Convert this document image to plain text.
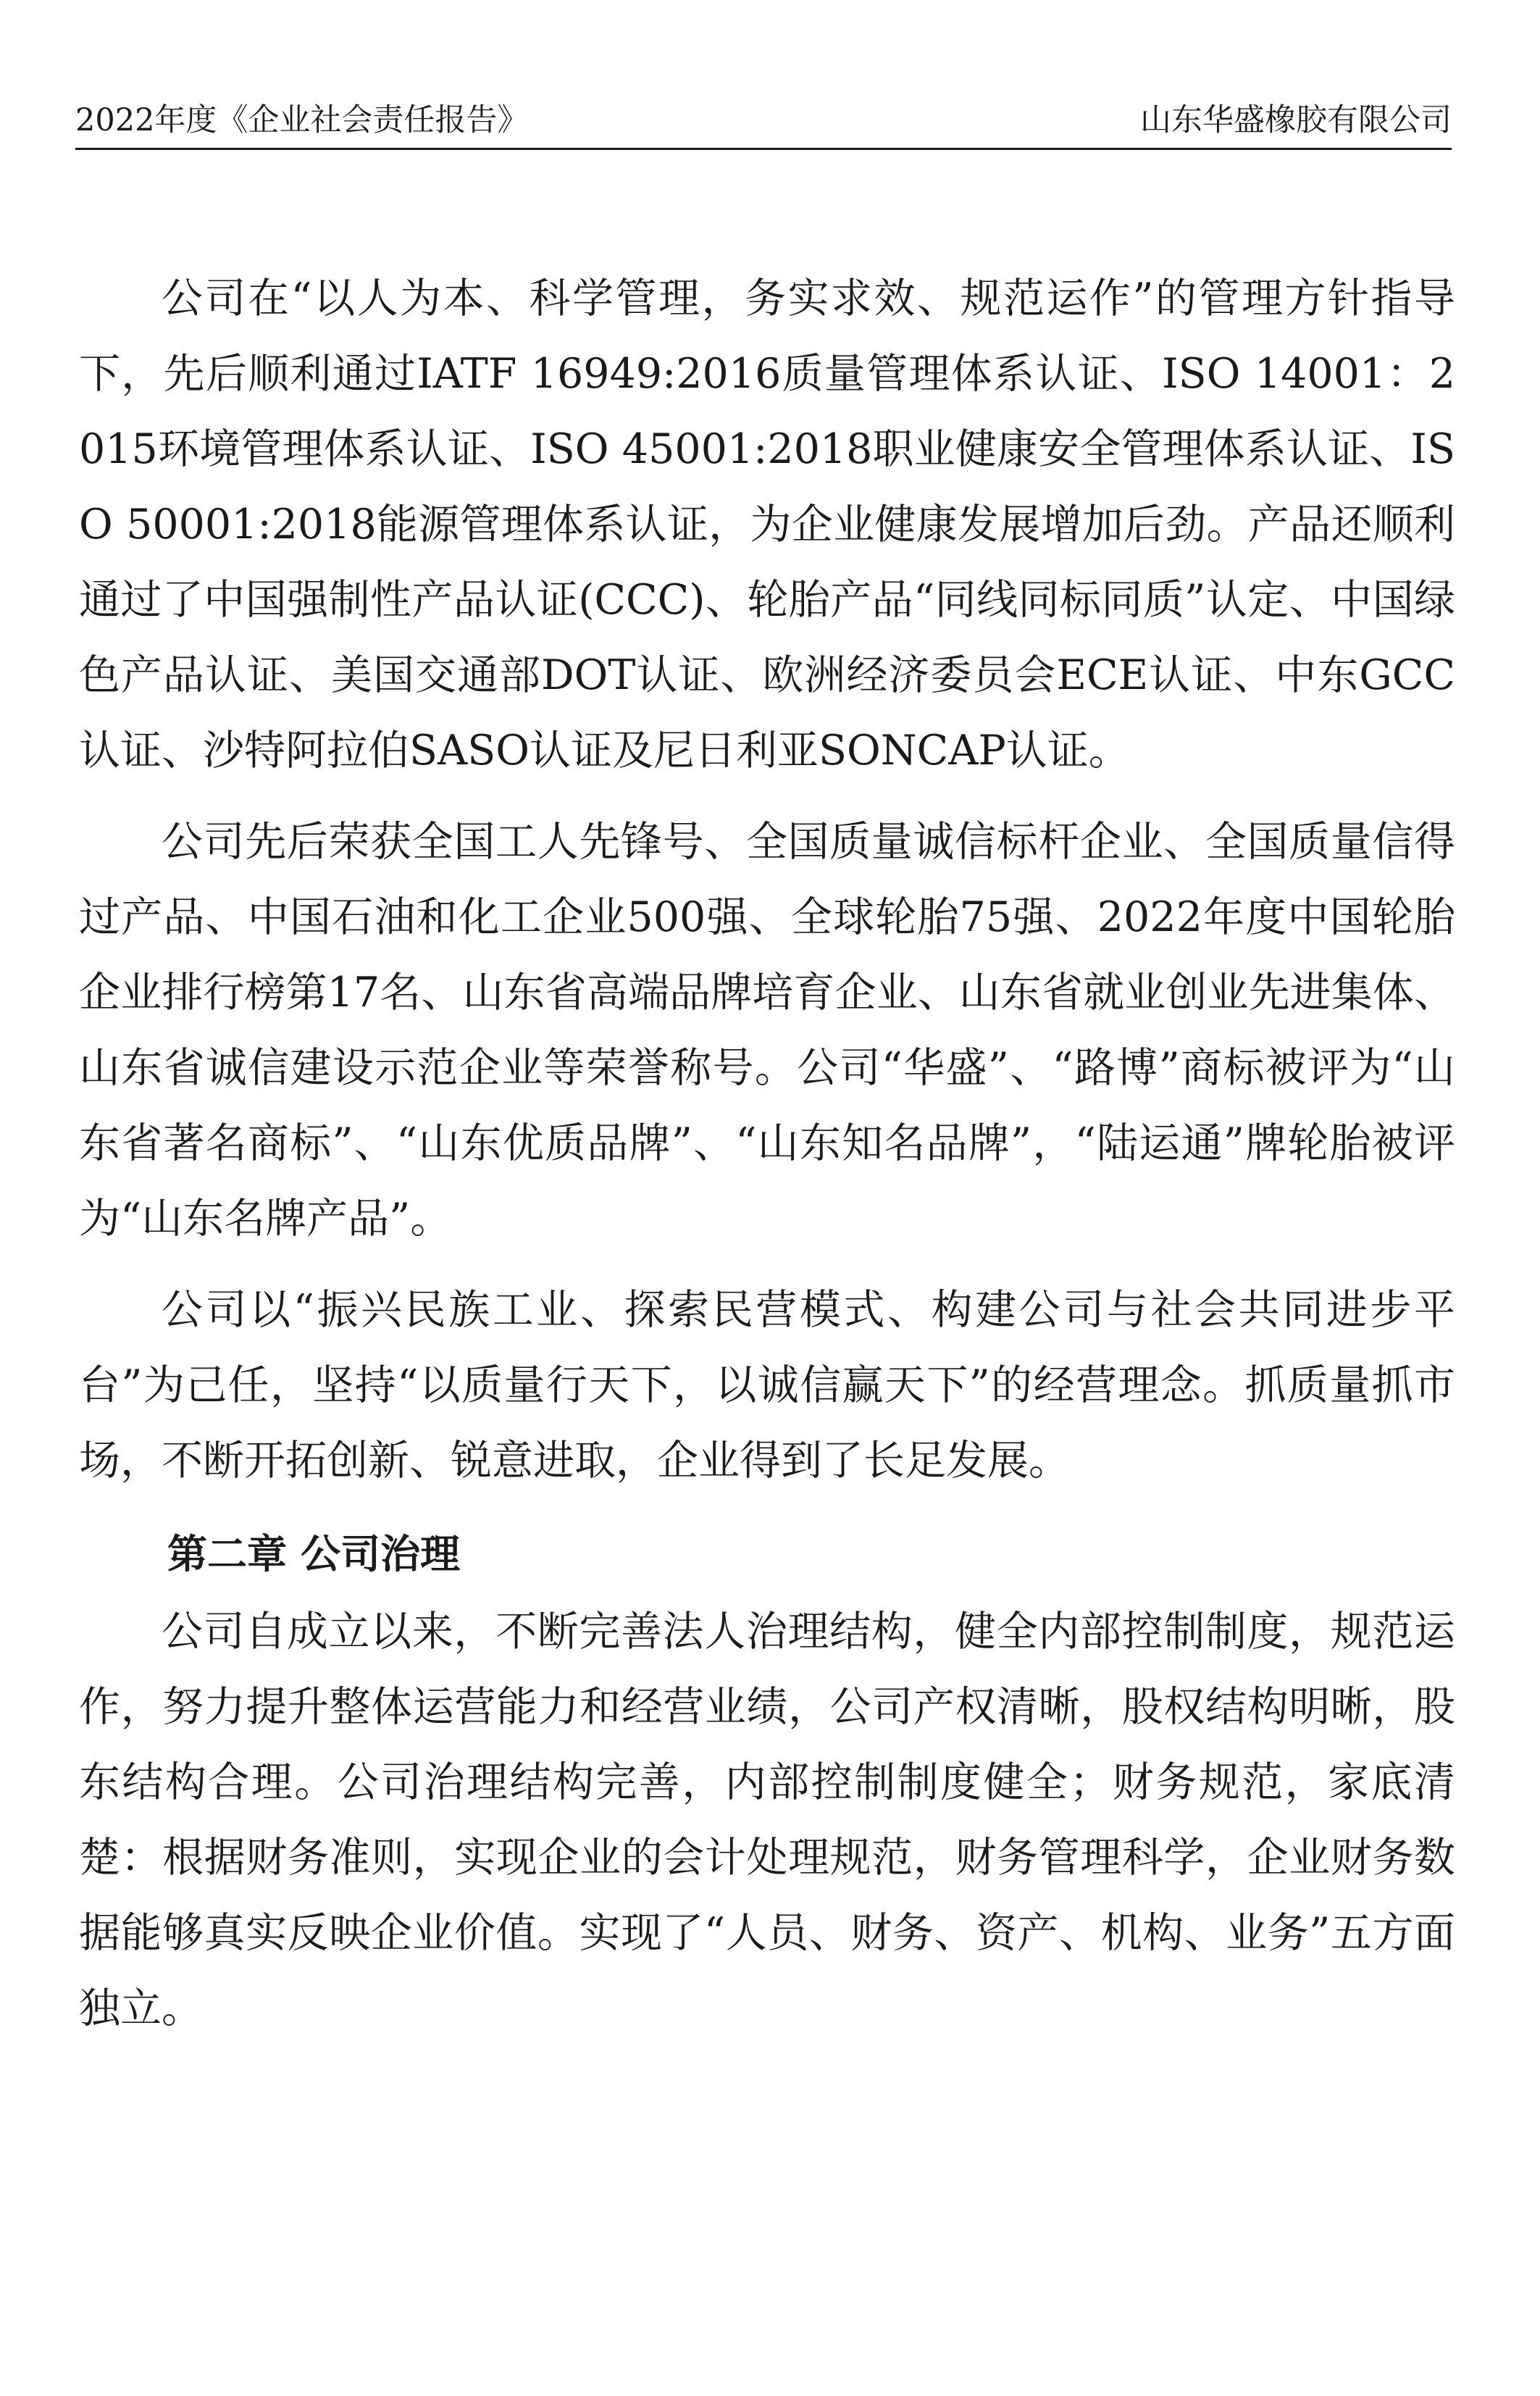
2022年度《企业社会责任报告》	山东华盛橡胶有限公司

公司在“以人为本、科学管理，务实求效、规范运作”的管理方针指导下，先后顺利通过IATF 16949:2016质量管理体系认证、ISO 14001：2015环境管理体系认证、ISO 45001:2018职业健康安全管理体系认证、ISO 50001:2018能源管理体系认证，为企业健康发展增加后劲。产品还顺利通过了中国强制性产品认证(CCC)、轮胎产品“同线同标同质”认定、中国绿色产品认证、美国交通部DOT认证、欧洲经济委员会ECE认证、中东GCC认证、沙特阿拉伯SASO认证及尼日利亚SONCAP认证。

公司先后荣获全国工人先锋号、全国质量诚信标杆企业、全国质量信得过产品、中国石油和化工企业500强、全球轮胎75强、2022年度中国轮胎企业排行榜第17名、山东省高端品牌培育企业、山东省就业创业先进集体、山东省诚信建设示范企业等荣誉称号。公司“华盛”、“路博”商标被评为“山东省著名商标”、“山东优质品牌”、“山东知名品牌”，“陆运通”牌轮胎被评为“山东名牌产品”。

公司以“振兴民族工业、探索民营模式、构建公司与社会共同进步平台”为己任，坚持“以质量行天下，以诚信赢天下”的经营理念。抓质量抓市场，不断开拓创新、锐意进取，企业得到了长足发展。

第二章 公司治理

公司自成立以来，不断完善法人治理结构，健全内部控制制度，规范运作，努力提升整体运营能力和经营业绩，公司产权清晰，股权结构明晰，股东结构合理。公司治理结构完善，内部控制制度健全；财务规范，家底清楚：根据财务准则，实现企业的会计处理规范，财务管理科学，企业财务数据能够真实反映企业价值。实现了“人员、财务、资产、机构、业务”五方面独立。
